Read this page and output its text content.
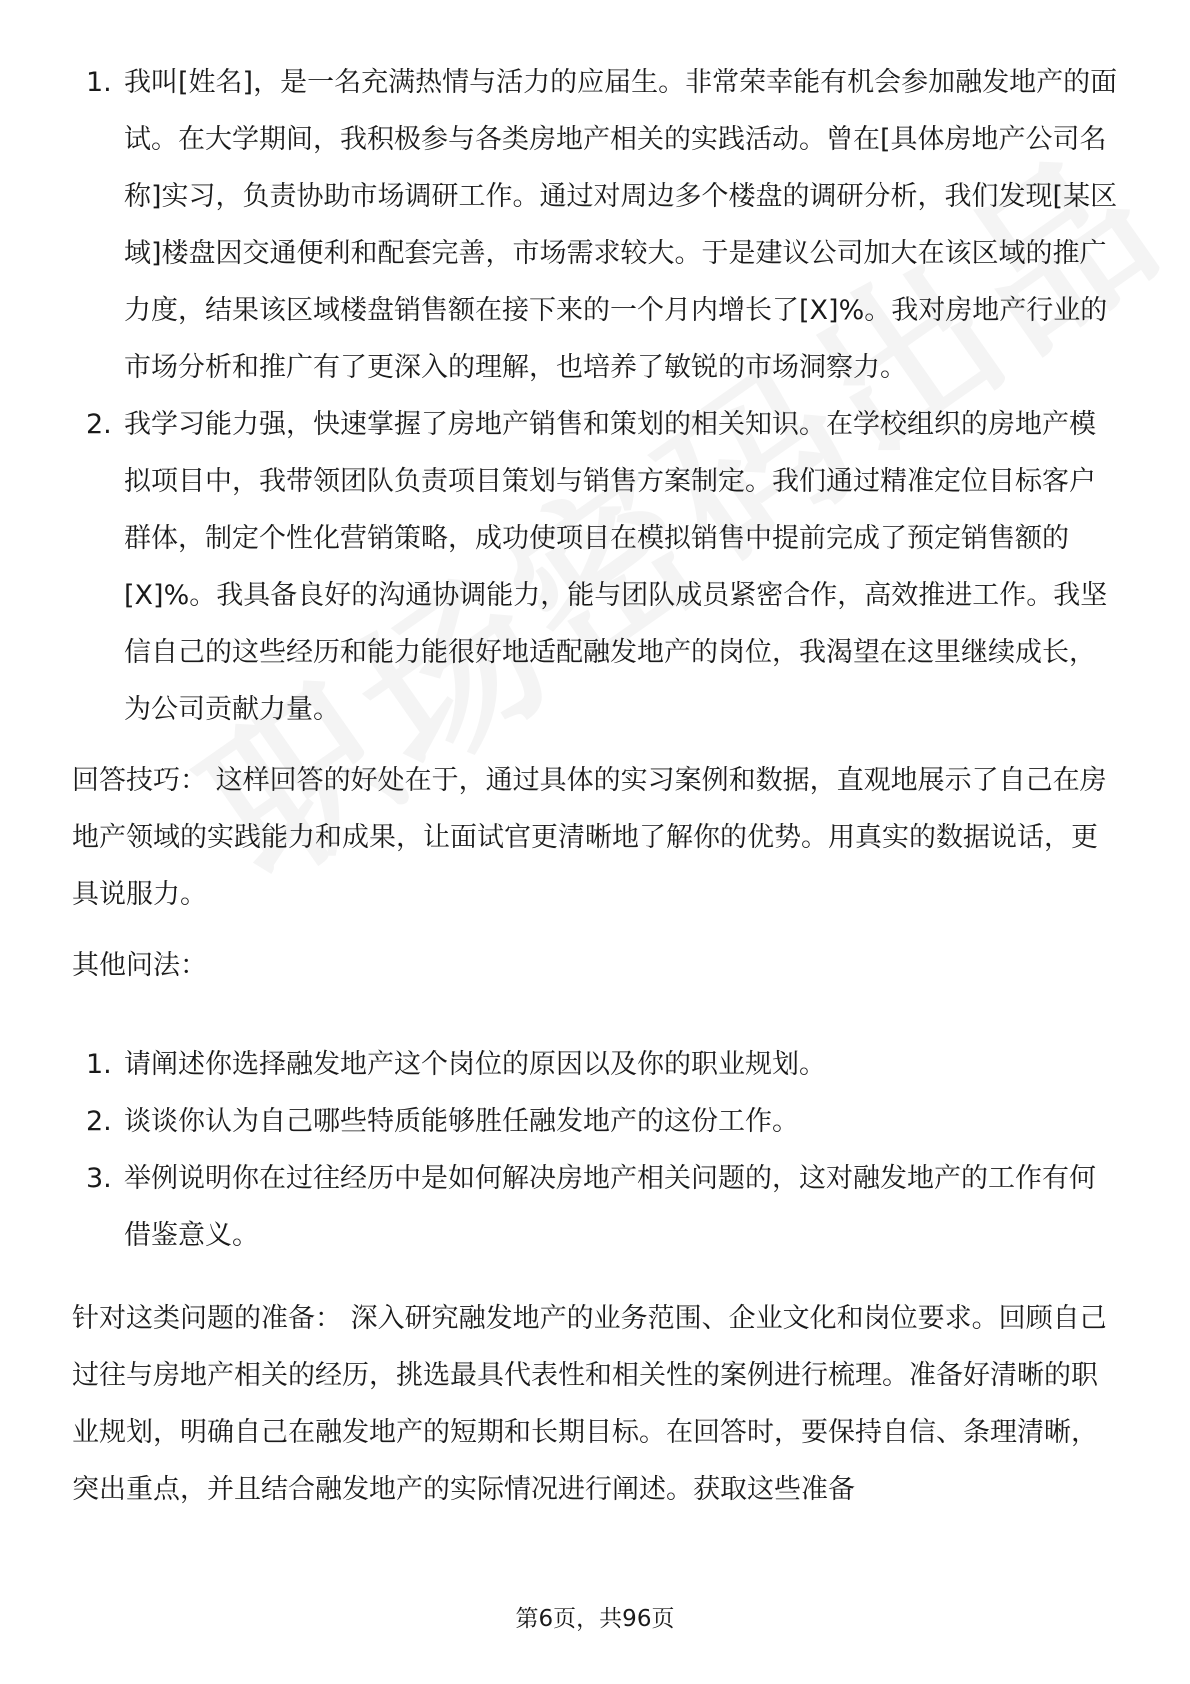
1. 我叫[姓名]，是一名充满热情与活力的应届生。非常荣幸能有机会参加融发地产的面试。在大学期间，我积极参与各类房地产相关的实践活动。曾在[具体房地产公司名称]实习，负责协助市场调研工作。通过对周边多个楼盘的调研分析，我们发现[某区域]楼盘因交通便利和配套完善，市场需求较大。于是建议公司加大在该区域的推广力度，结果该区域楼盘销售额在接下来的一个月内增长了[X]%。我对房地产行业的市场分析和推广有了更深入的理解，也培养了敏锐的市场洞察力。
2. 我学习能力强，快速掌握了房地产销售和策划的相关知识。在学校组织的房地产模拟项目中，我带领团队负责项目策划与销售方案制定。我们通过精准定位目标客户群体，制定个性化营销策略，成功使项目在模拟销售中提前完成了预定销售额的[X]%。我具备良好的沟通协调能力，能与团队成员紧密合作，高效推进工作。我坚信自己的这些经历和能力能很好地适配融发地产的岗位，我渴望在这里继续成长，为公司贡献力量。

回答技巧： 这样回答的好处在于，通过具体的实习案例和数据，直观地展示了自己在房地产领域的实践能力和成果，让面试官更清晰地了解你的优势。用真实的数据说话，更具说服力。

其他问法：

1. 请阐述你选择融发地产这个岗位的原因以及你的职业规划。
2. 谈谈你认为自己哪些特质能够胜任融发地产的这份工作。
3. 举例说明你在过往经历中是如何解决房地产相关问题的，这对融发地产的工作有何借鉴意义。

针对这类问题的准备： 深入研究融发地产的业务范围、企业文化和岗位要求。回顾自己过往与房地产相关的经历，挑选最具代表性和相关性的案例进行梳理。准备好清晰的职业规划，明确自己在融发地产的短期和长期目标。在回答时，要保持自信、条理清晰，突出重点，并且结合融发地产的实际情况进行阐述。获取这些准备

第6页，共96页
